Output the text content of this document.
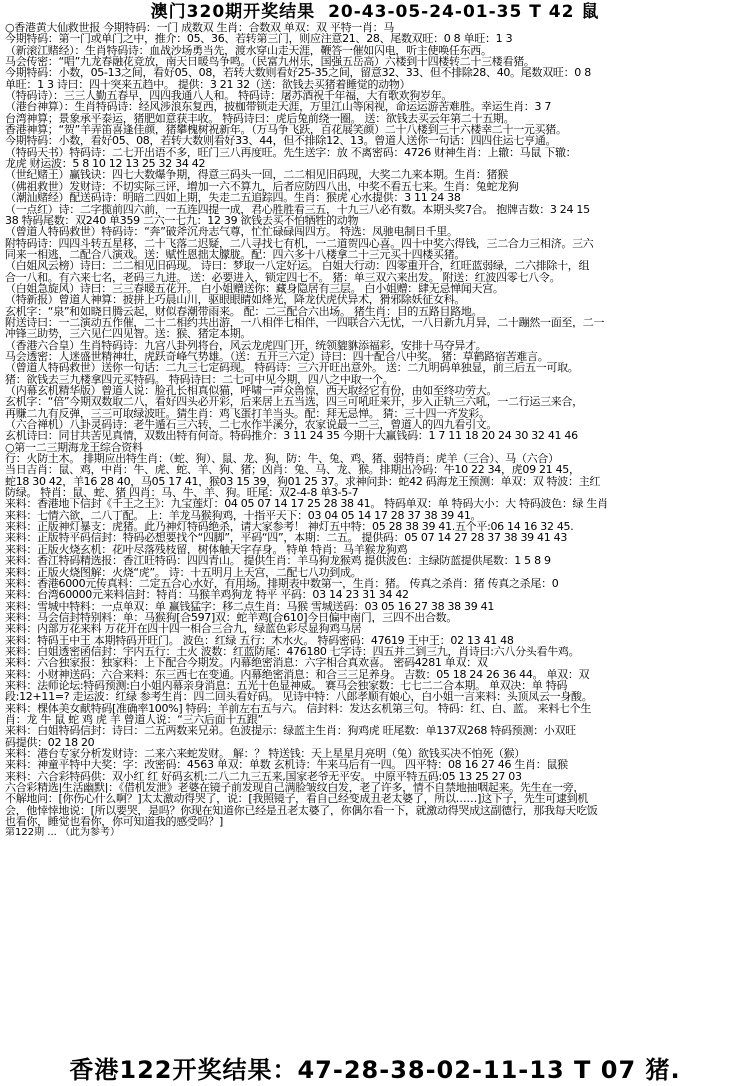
澳门320期开奖结果 20-43-05-24-01-35 T 42 鼠
○香港黄大仙救世报 今期特码：一门 成数双 生肖：合数双 单双：双 平特一肖：马
今期特码：第一门或单门之中，推介：05、36、若转第三门，则应注意21、28、尾数双旺：0 8 单旺：1 3
（新滚江赌经）：生肖特码诗：血战沙场勇当先，渡水穿山走天涯，鞭答一催如闪电，听主使唤任东西。
马会传密：“唱”九龙春融花竞放，南天日暖鸟争鸣。（民富九州乐，国强五岳高）六楼到十四楼转二十三楼看猪。
今期特码：小数，05-13之间，看好05、08，若转大数则看好25-35之间，留意32、33、但不排除28、40。尾数双旺：0 8
单旺：1 3 诗曰：四十突来五趋中。 提供：3 21 32（送：欲钱去买猪着睡觉的动物）
（特码诗）：三三人勤五春早，四四我通八人和。 特码诗：屠苏酒祝千年福，大有歌欢狗岁年。
（港台神算）：生肖特码诗：经风涉浪东复西，披枷带锁走天涯，万里江山等闲视，命运运游苦难胜。幸运生肖：3 7
台湾神算；景象承平泰运，猪肥如意获丰收。 特码诗曰：虎后兔前绕一圈。 送：欲钱去买云年第二十五期。
香港神算；“贺”羊弄笛喜逢佳颜，猪攀槐树祝新年。（万马争飞跃，百花展笑颜）二十八楼到三十六楼幸二十一元买猪。
今期特码：小数，看好05、08，若转大数则看好33、44，但不排除12、13。曾道人送你一句话：四四住运七亨通。
（特码天书）特码诗：二七开出语不多，旺门三八再度旺。先生送字：放 不离密码：4726 财神生肖：上辙：马鼠 下辙：
龙虎 财运波：5 8 10 12 13 25 32 34 42
（世纪赌王）赢钱诀：四七大数爆争期，得意三码头一回，二二相见旧码现，大奖二九来本期。生肖：猪猴
（佛祖救世）发财诗：不切实际三评，增加一六不算九，后者应防四八出，中奖不看五七来。生肖：兔蛇龙狗
（潮汕赌经）配送码诗：明暗二四如上期，失走二五追踪四。生肖：猴虎 心水提供：3 11 24 38
（一点红）诗：二字揽前四六前，一五连四提一成，君心胜胜看三五，十九三八必有数。本期头奖7合。 抱牌吉数：3 24 15
38 特码尾数：双240 单359 二六一七九：12 39 欲钱去买不怕牺牲的动物
（曾道人特码救世）特码诗：“奔”破斧沉舟志气尊，忙忙碌碌闯四方。 特选：凤驰电制日千里。
附特码诗：四四斗转五星移，二十飞落二迟疑，二八寻找七有机，一二道贺四心喜。四十中奖六得钱，三二合力三相济。三六
同来一相逃，二配合八演戏。送：赋性恩拙太朦胧。配：四六多十八楼拿二十三元买十四楼买猪。
（白姐风云榜）诗曰：二二相见旧码现。 诗曰：梦取一八定好运。 白姐大行动：四零重开合，红旺蓝弱绿，二六排除十，组
合一八和。有六来七名，老码三九进。 送：必要进入，锁定四七不。 猪：单三双六来出发。 附送：红波四零七八令。
（白姐急旋风）诗曰：三三春暖五花开。 白小姐赠送你：藏身隐居有三层。 白小姐赠：肆无忌惮闻天宫。
（特新报）曾道人神算：披拼上巧晨山川，驱眼眼睛如烽光，降龙伏虎伏异术，猾邪除妖征女科。
玄机字：“泉”和如晓日腾云起，财似春潮带雨来。 配：二三配合六出场。 猪生肖：目的五路目路地。
附送诗曰：一二演动五作催，二十二相约共出游，一八相伴七相伴，一四联合六无忧，一八日新九月异，二十蹦然一面至，二一
冲锋三助势，三六见仁四见智。送：猴、猪定本期。
（香港六合皇）生肖特码诗：九宫八卦列将台，风云龙虎四门开，统领貔貅添福彩，安排十马夺异才。
马会透密：人迷盛世精神壮，虎跃奇峰气势雄。（送：五开三六定）诗曰：四十配合八中奖。 猪：草鹤路宿苦难言。
（曾道人特码救世）送你一句话：二九三七定码现。 特码诗：三六开旺出意外。 送：二九明码单独显，前三后五一可取。
猪：欲钱去三九楼拿四元买特码。 特码诗曰：二七可中见今期，四八之中取一个。
（内幕玄机精华版）曾道人说：脸孔长相真似猫，呼啸一声众兽惊，西天取经它有份，由如至终功劳大。
玄机字：“倍”今期双数取二八，看好四头必开彩，后来居上五当选，四三可吼旺来开，步入正轨三六吼，一二行运三来合，
再赚二九有反弹，三三可取绿波旺。猜生肖：鸡飞蛋打羊当头。配：拜无忌惮。 猜：三十四一齐发彩。
（六合禅机）八卦灵码诗：老牛遁石三六转，二七水作半溪分，农家说最一二三，曾道人的四九看引文。
玄机诗曰：同甘共苦见真情，双数出特有何奇。特码推介：3 11 24 35 今期十大赢钱码：1 7 11 18 20 24 30 32 41 46
○第一二三期海龙王综合资料
行：火防土木。 排期应出特生肖：（蛇、狗）、鼠、龙、狗，防：牛、兔、鸡、猪、弱特肖：虎羊（三合）、马（六合）
当日吉肖：鼠、鸡，中肖：牛、虎、蛇、羊、狗、猪；凶肖：兔、马、龙、猴。排期出冷码：牛10 22 34，虎09 21 45，
蛇18 30 42，羊16 28 40，马05 17 41，猴03 15 39，狗01 25 37。求神问卦：蛇42 码海龙王预测：单双：双 特波：主红
防绿。 特肖：鼠、蛇、猪 四肖：马、牛、羊、狗。旺尾：双2-4-8 单3-5-7
来料：香港地下信封《千王之王》：九宝莲灯：04 05 07 14 17 25 28 38 41。 特码单双：单 特码大小：大 特码波色：绿 生肖
来料：七情六欲，二八丁配。 上：羊龙马猴狗鸡，十指平天下：03 04 05 14 17 28 37 38 39 41。
来料：正版神灯暴支：虎猪。此乃神灯特码绝杀，请大家参考！ 神灯五中特：05 28 38 39 41.五个平:06 14 16 32 45.
来料：正版特平码信封：特码必想要找个“四脚”，平码“四”，本期：二五。 提供码：05 07 14 27 28 37 38 39 41 43
来料：正版火烧玄机：花叶尽落残枝留，树体触天字存身。 特单 特肖：马羊猴龙狗鸡
来料：香江特码精选报：香江旺特码：四四青山。 提供生肖：羊马狗龙猴鸡 提供波色：主绿防蓝提供尾数：1 5 8 9
来料：正版火烧图解：火烧“虎”。 诗：十五明月上天宫，二配七八功到成。
来料：香港6000元传真料：二定五合心水好，有用场。排期表中数第一，生肖：猪。 传真之杀肖：猪 传真之杀尾：0
来料：台湾60000元来料信封：特肖：马猴羊鸡狗龙 特平 平码：03 14 23 31 34 42
来料：雪城中特料：一点单双：单 赢钱猛字：移二点生肖：马猴 雪城送码：03 05 16 27 38 38 39 41
来料：马会信封特别料：单：马猴狗[合597]双：蛇羊鸡[合610]今日偏中南门，三四不出合数。
来料：内部万花来料 万花开在四十四一相合三合九，绿蓝色彩尽显狗鸡马居
来料：特码王中王 本期特码开旺门。 波色：红绿 五行：木水火。 特码密码：47619 王中王：02 13 41 48
来料：白姐透密函信封：宇内五行：土火 波数：红蓝防尾：476180 七字诗：四五并二到三九，肖诗曰:六八分头看牛鸡。
来料：六合独家报：独家料：上下配合今期发。内幕绝密消息：六字相合真欢喜。 密码4281 单双：双
来料：小财神送码：六合来料：东三西七在变通。内幕绝密消息：和合三三足养身。 吉数：05 18 24 26 36 44。 单双：双
来料：法师论坛:特码预测:白小姐内幕亲身消息：五光十色显神威。 赛马会独家数：七七二二合本期。 单双决：单 特码
段:12+11=? 走运波：红绿 参考生肖：四二回头看好码。 见诗中特：八郎孝顺有娘心，白小姐一言来料：头顶凤云一身酸。
来料：棵体美女献特码[准确率100%] 特码：羊前左右五与六。 信封料：发达玄机第三句。 特码：红、白、蓝。 来料七个生
肖：龙 牛 鼠 蛇 鸡 虎 羊 曾道人说：“三六后面十五跟”
来料：白姐特码信封：诗曰：二五两数来兄弟。色波提示：绿蓝主生肖：狗鸡虎 旺尾数：单137双268 特码预测：小双旺
码提供：02 18 20
来料：港台专家分析发财诗：二来六来蛇发财。 解：？ 特送钱：天上星星月亮明（兔）欲钱买决不怕死（猴）
来料：神童平特中大奖：字：改密码：4563 单双：单数 玄机诗：牛来马后有一四。 四平特：08 16 27 46 生肖：鼠猴
来料：六合彩特码供：双小红 红 好码玄机:二八二九三五来,国家老爷无平安。 中原平特五码:05 13 25 27 03
六合彩精选|生活幽默|：《借机发泄》老婆在镜子前发现自己满脸皱纹白发，老了许多，情不自禁地抽咽起来。先生在一旁，
不解地问：[你伤心什么啊？]太太激动得哭了，说：[我照镜子，看自己经变成丑老太婆了，所以……]这下子，先生可逮到机
会，他悻悻地说：[所以要哭，是吗？你现在知道你已经是丑老太婆了，你偶尔看一下，就激动得哭成这副德行，那我每天吃饭
也看你，睡觉也看你，你可知道我的感受吗？]
第122期 ... （此为参考）
香港122开奖结果：47-28-38-02-11-13 T 07 猪.
